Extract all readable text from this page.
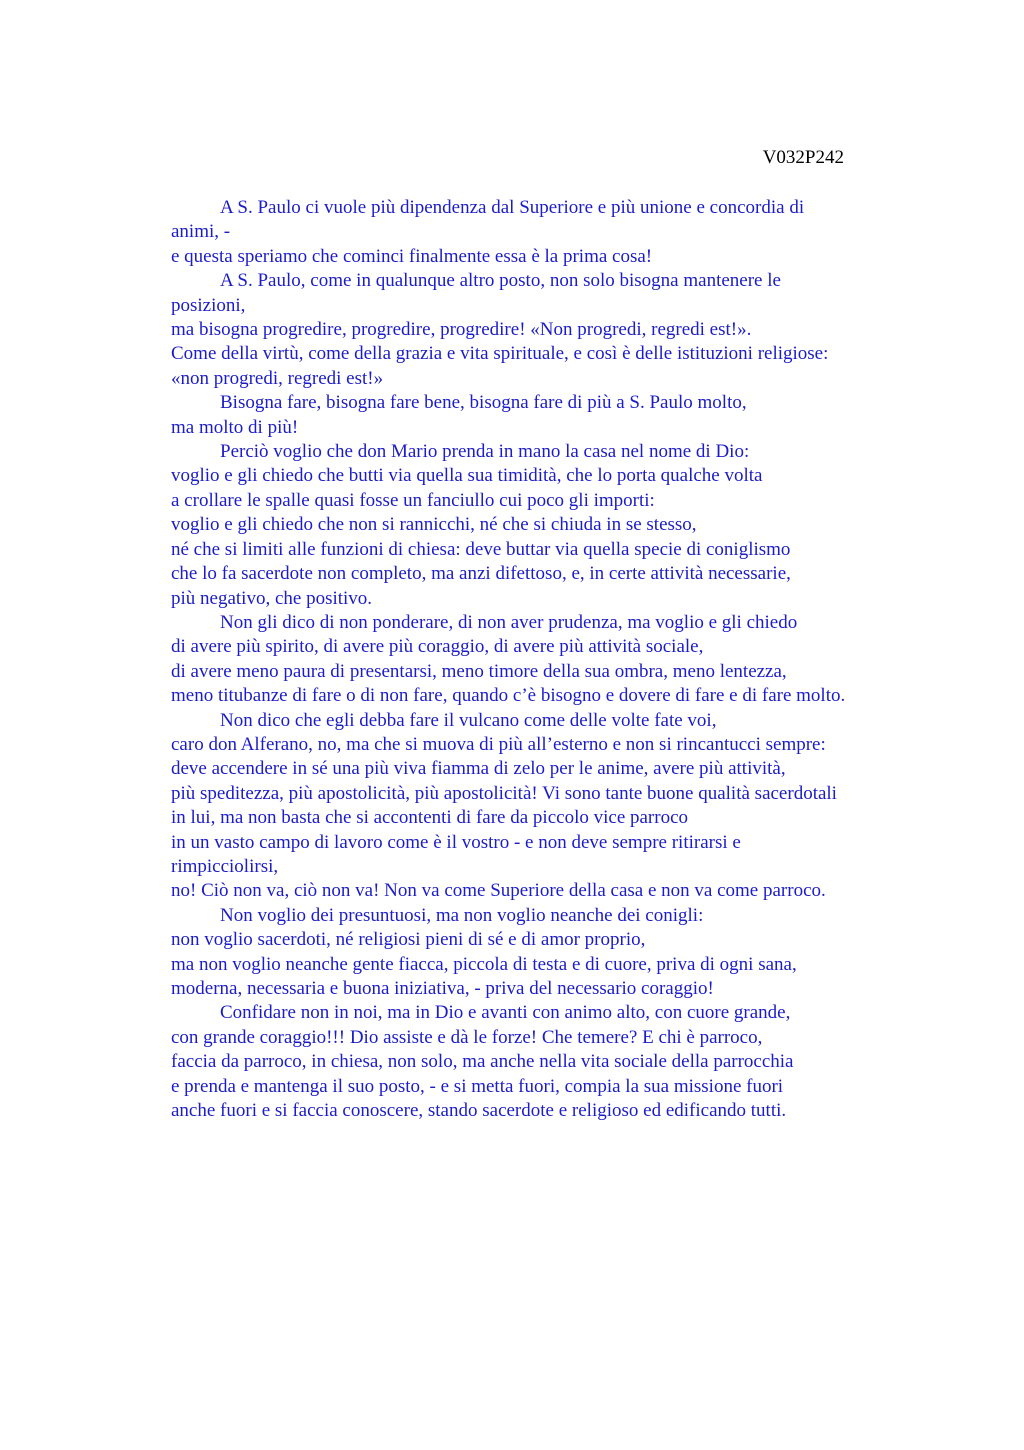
V032P242
A S. Paulo ci vuole più dipendenza dal Superiore e più unione e concordia di
animi, -
e questa speriamo che cominci finalmente essa è la prima cosa!
A S. Paulo, come in qualunque altro posto, non solo bisogna mantenere le
posizioni,
ma bisogna progredire, progredire, progredire! «Non progredi, regredi est!».
Come della virtù, come della grazia e vita spirituale, e così è delle istituzioni religiose:
«non progredi, regredi est!»
Bisogna fare, bisogna fare bene, bisogna fare di più a S. Paulo molto,
ma molto di più!
Perciò voglio che don Mario prenda in mano la casa nel nome di Dio:
voglio e gli chiedo che butti via quella sua timidità, che lo porta qualche volta
a crollare le spalle quasi fosse un fanciullo cui poco gli importi:
voglio e gli chiedo che non si rannicchi, né che si chiuda in se stesso,
né che si limiti alle funzioni di chiesa: deve buttar via quella specie di coniglismo
che lo fa sacerdote non completo, ma anzi difettoso, e, in certe attività necessarie,
più negativo, che positivo.
Non gli dico di non ponderare, di non aver prudenza, ma voglio e gli chiedo
di avere più spirito, di avere più coraggio, di avere più attività sociale,
di avere meno paura di presentarsi, meno timore della sua ombra, meno lentezza,
meno titubanze di fare o di non fare, quando c’è bisogno e dovere di fare e di fare molto.
Non dico che egli debba fare il vulcano come delle volte fate voi,
caro don Alferano, no, ma che si muova di più all’esterno e non si rincantucci sempre:
deve accendere in sé una più viva fiamma di zelo per le anime, avere più attività,
più speditezza, più apostolicità, più apostolicità! Vi sono tante buone qualità sacerdotali
in lui, ma non basta che si accontenti di fare da piccolo vice parroco
in un vasto campo di lavoro come è il vostro - e non deve sempre ritirarsi e
rimpicciolirsi,
no! Ciò non va, ciò non va! Non va come Superiore della casa e non va come parroco.
Non voglio dei presuntuosi, ma non voglio neanche dei conigli:
non voglio sacerdoti, né religiosi pieni di sé e di amor proprio,
ma non voglio neanche gente fiacca, piccola di testa e di cuore, priva di ogni sana,
moderna, necessaria e buona iniziativa, - priva del necessario coraggio!
Confidare non in noi, ma in Dio e avanti con animo alto, con cuore grande,
con grande coraggio!!! Dio assiste e dà le forze! Che temere? E chi è parroco,
faccia da parroco, in chiesa, non solo, ma anche nella vita sociale della parrocchia
e prenda e mantenga il suo posto, - e si metta fuori, compia la sua missione fuori
anche fuori e si faccia conoscere, stando sacerdote e religioso ed edificando tutti.
